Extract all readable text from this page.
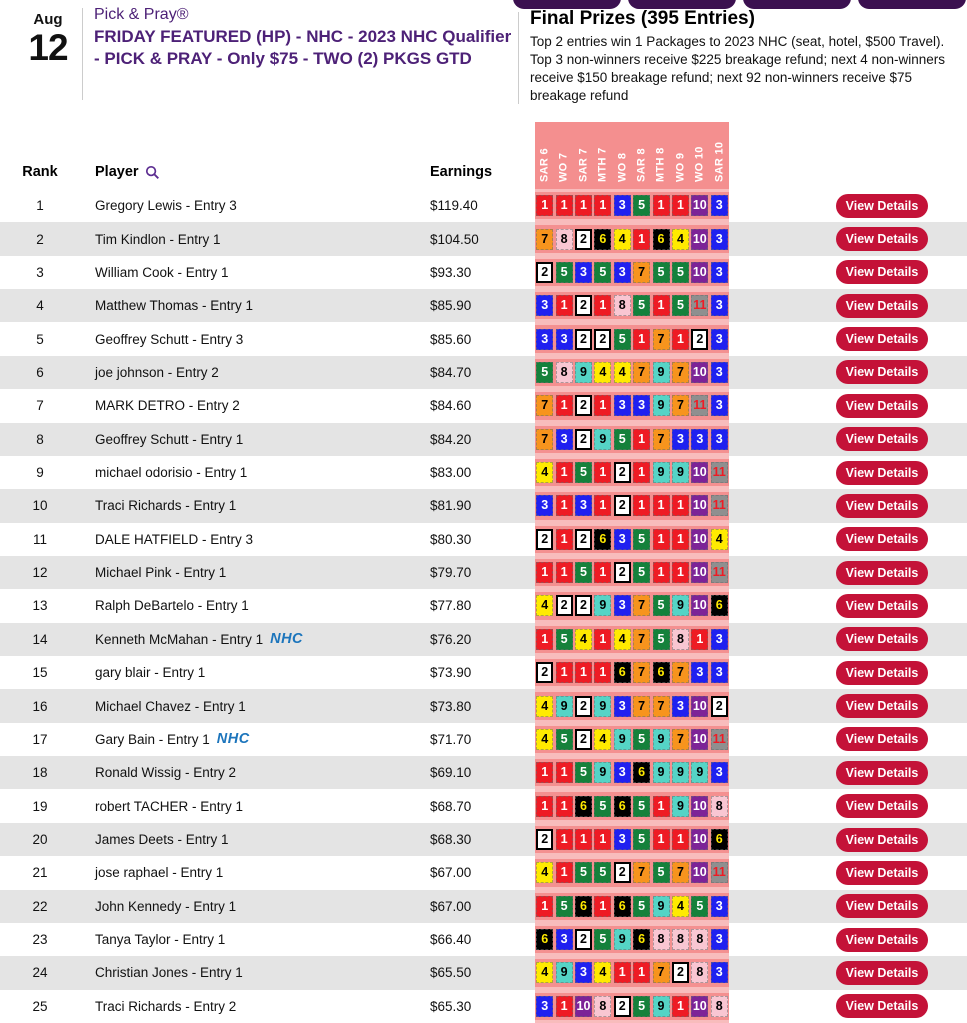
Aug
12
Pick & Pray®
FRIDAY FEATURED (HP) - NHC - 2023 NHC Qualifier - PICK & PRAY - Only $75 - TWO (2) PKGS GTD
Final Prizes (395 Entries)
Top 2 entries win 1 Packages to 2023 NHC (seat, hotel, $500 Travel). Top 3 non-winners receive $225 breakage refund; next 4 non-winners receive $150 breakage refund; next 92 non-winners receive $75 breakage refund
Rank	Player	Earnings	SAR 6 WO 7 SAR 7 MTH 7 WO 8 SAR 8 MTH 8 WO 9 WO 10 SAR 10
1	Gregory Lewis - Entry 3	$119.40	1 1 1 1 3 5 1 1 10 3	View Details
2	Tim Kindlon - Entry 1	$104.50	7 8 2 6 4 1 6 4 10 3	View Details
3	William Cook - Entry 1	$93.30	2 5 3 5 3 7 5 5 10 3	View Details
4	Matthew Thomas - Entry 1	$85.90	3 1 2 1 8 5 1 5 11 3	View Details
5	Geoffrey Schutt - Entry 3	$85.60	3 3 2 2 5 1 7 1 2 3	View Details
6	joe johnson - Entry 2	$84.70	5 8 9 4 4 7 9 7 10 3	View Details
7	MARK DETRO - Entry 2	$84.60	7 1 2 1 3 3 9 7 11 3	View Details
8	Geoffrey Schutt - Entry 1	$84.20	7 3 2 9 5 1 7 3 3 3	View Details
9	michael odorisio - Entry 1	$83.00	4 1 5 1 2 1 9 9 10 11	View Details
10	Traci Richards - Entry 1	$81.90	3 1 3 1 2 1 1 1 10 11	View Details
11	DALE HATFIELD - Entry 3	$80.30	2 1 2 6 3 5 1 1 10 4	View Details
12	Michael Pink - Entry 1	$79.70	1 1 5 1 2 5 1 1 10 11	View Details
13	Ralph DeBartelo - Entry 1	$77.80	4 2 2 9 3 7 5 9 10 6	View Details
14	Kenneth McMahan - Entry 1 NHC	$76.20	1 5 4 1 4 7 5 8 1 3	View Details
15	gary blair - Entry 1	$73.90	2 1 1 1 6 7 6 7 3 3	View Details
16	Michael Chavez - Entry 1	$73.80	4 9 2 9 3 7 7 3 10 2	View Details
17	Gary Bain - Entry 1 NHC	$71.70	4 5 2 4 9 5 9 7 10 11	View Details
18	Ronald Wissig - Entry 2	$69.10	1 1 5 9 3 6 9 9 9 3	View Details
19	robert TACHER - Entry 1	$68.70	1 1 6 5 6 5 1 9 10 8	View Details
20	James Deets - Entry 1	$68.30	2 1 1 1 3 5 1 1 10 6	View Details
21	jose raphael - Entry 1	$67.00	4 1 5 5 2 7 5 7 10 11	View Details
22	John Kennedy - Entry 1	$67.00	1 5 6 1 6 5 9 4 5 3	View Details
23	Tanya Taylor - Entry 1	$66.40	6 3 2 5 9 6 8 8 8 3	View Details
24	Christian Jones - Entry 1	$65.50	4 9 3 4 1 1 7 2 8 3	View Details
25	Traci Richards - Entry 2	$65.30	3 1 10 8 2 5 9 1 10 8	View Details
